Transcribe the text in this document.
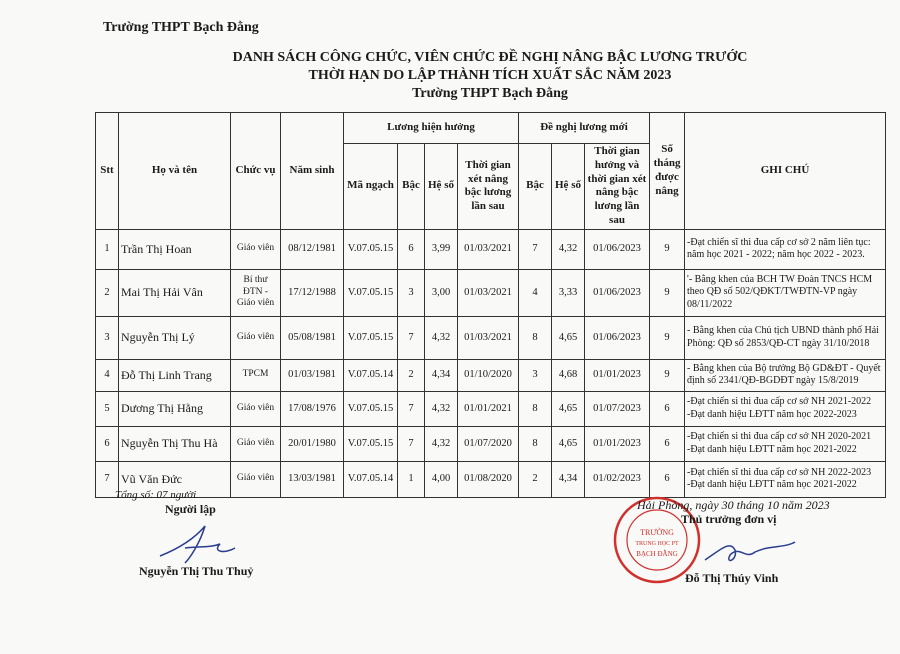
Trường THPT Bạch Đằng
DANH SÁCH CÔNG CHỨC, VIÊN CHỨC ĐỀ NGHỊ NÂNG BẬC LƯƠNG TRƯỚC
THỜI HẠN DO LẬP THÀNH TÍCH XUẤT SẮC NĂM 2023
Trường THPT Bạch Đằng
Stt	Họ và tên	Chức vụ	Năm sinh	Lương hiện hưởng				Đề nghị lương mới			Số tháng được nâng	GHI CHÚ
				Mã ngạch	Bậc	Hệ số	Thời gian xét nâng bậc lương lần sau	Bậc	Hệ số	Thời gian hưởng và thời gian xét nâng bậc lương lần sau		
1	Trần Thị Hoan	Giáo viên	08/12/1981	V.07.05.15	6	3,99	01/03/2021	7	4,32	01/06/2023	9	-Đạt chiến sĩ thi đua cấp cơ sở 2 năm liên tục: năm học 2021 - 2022; năm học 2022 - 2023.
2	Mai Thị Hải Vân	Bí thư ĐTN - Giáo viên	17/12/1988	V.07.05.15	3	3,00	01/03/2021	4	3,33	01/06/2023	9	'- Bằng khen của BCH TW Đoàn TNCS HCM theo QĐ số 502/QĐKT/TWĐTN-VP ngày 08/11/2022
3	Nguyễn Thị Lý	Giáo viên	05/08/1981	V.07.05.15	7	4,32	01/03/2021	8	4,65	01/06/2023	9	- Bằng khen của Chủ tịch UBND thành phố Hải Phòng: QĐ số 2853/QĐ-CT ngày 31/10/2018
4	Đỗ Thị Linh Trang	TPCM	01/03/1981	V.07.05.14	2	4,34	01/10/2020	3	4,68	01/01/2023	9	- Bằng khen của Bộ trưởng Bộ GD&ĐT - Quyết định số 2341/QĐ-BGDĐT ngày 15/8/2019
5	Dương Thị Hằng	Giáo viên	17/08/1976	V.07.05.15	7	4,32	01/01/2021	8	4,65	01/07/2023	6	-Đạt chiến si thi đua cấp cơ sở NH 2021-2022 -Đạt danh hiệu LĐTT năm học 2022-2023
6	Nguyễn Thị Thu Hà	Giáo viên	20/01/1980	V.07.05.15	7	4,32	01/07/2020	8	4,65	01/01/2023	6	-Đạt chiến si thi đua cấp cơ sở NH 2020-2021 -Đạt danh hiệu LĐTT năm học 2021-2022
7	Vũ Văn Đức	Giáo viên	13/03/1981	V.07.05.14	1	4,00	01/08/2020	2	4,34	01/02/2023	6	-Đạt chiến sĩ thi đua cấp cơ sở NH 2022-2023 -Đạt danh hiệu LĐTT năm học 2021-2022
Tổng số: 07 người
Người lập
Nguyễn Thị Thu Thuỷ
TRƯỜNG
TRUNG HỌC PT
BẠCH ĐẰNG
Hải Phòng, ngày 30 tháng 10 năm 2023
Thủ trưởng đơn vị
Đỗ Thị Thúy Vinh
